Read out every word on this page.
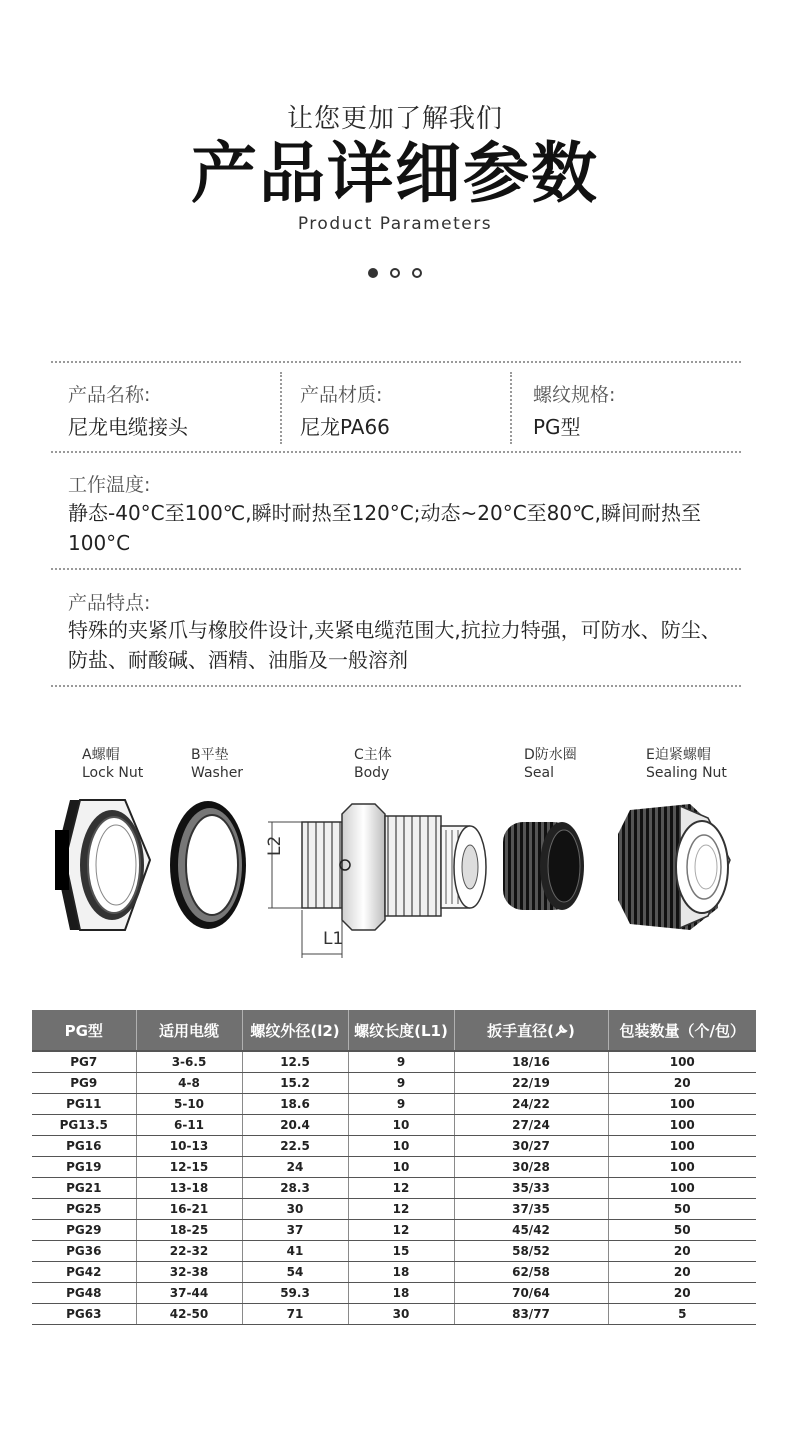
让您更加了解我们
产品详细参数
Product Parameters
产品名称:
尼龙电缆接头
产品材质:
尼龙PA66
螺纹规格:
PG型
工作温度:
静态-40°C至100℃,瞬时耐热至120°C;动态~20°C至80℃,瞬间耐热至100°C
产品特点:
特殊的夹紧爪与橡胶件设计,夹紧电缆范围大,抗拉力特强，可防水、防尘、防盐、耐酸碱、酒精、油脂及一般溶剂
A螺帽
Lock Nut
B平垫
Washer
C主体
Body
D防水圈
Seal
E迫紧螺帽
Sealing Nut
L2
L1
PG型	适用电缆	螺纹外径(l2)	螺纹长度(L1)	扳手直径( )	包装数量（个/包）
PG7	3-6.5	12.5	9	18/16	100
PG9	4-8	15.2	9	22/19	20
PG11	5-10	18.6	9	24/22	100
PG13.5	6-11	20.4	10	27/24	100
PG16	10-13	22.5	10	30/27	100
PG19	12-15	24	10	30/28	100
PG21	13-18	28.3	12	35/33	100
PG25	16-21	30	12	37/35	50
PG29	18-25	37	12	45/42	50
PG36	22-32	41	15	58/52	20
PG42	32-38	54	18	62/58	20
PG48	37-44	59.3	18	70/64	20
PG63	42-50	71	30	83/77	5
